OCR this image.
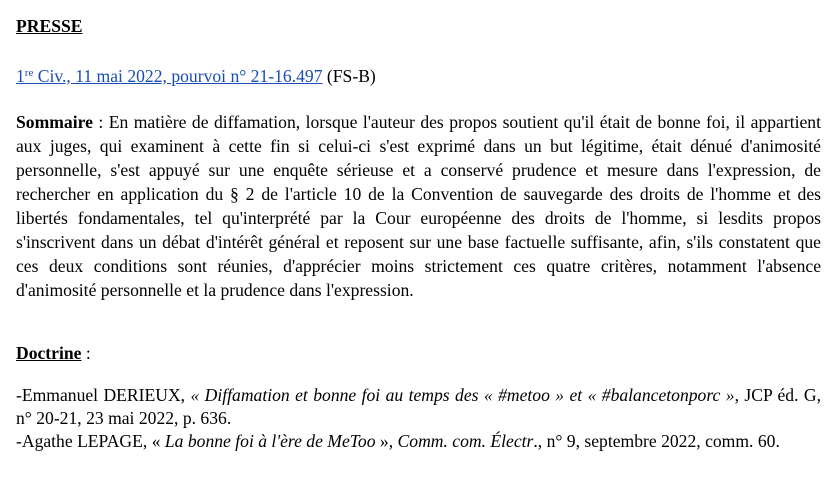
PRESSE
1re Civ., 11 mai 2022, pourvoi n° 21-16.497 (FS-B)

Sommaire : En matière de diffamation, lorsque l'auteur des propos soutient qu'il était de bonne foi, il appartient aux juges, qui examinent à cette fin si celui-ci s'est exprimé dans un but légitime, était dénué d'animosité personnelle, s'est appuyé sur une enquête sérieuse et a conservé prudence et mesure dans l'expression, de rechercher en application du § 2 de l'article 10 de la Convention de sauvegarde des droits de l'homme et des libertés fondamentales, tel qu'interprété par la Cour européenne des droits de l'homme, si lesdits propos s'inscrivent dans un débat d'intérêt général et reposent sur une base factuelle suffisante, afin, s'ils constatent que ces deux conditions sont réunies, d'apprécier moins strictement ces quatre critères, notamment l'absence d'animosité personnelle et la prudence dans l'expression.

Doctrine :

-Emmanuel DERIEUX, « Diffamation et bonne foi au temps des « #metoo » et « #balancetonporc », JCP éd. G, n° 20-21, 23 mai 2022, p. 636.

-Agathe LEPAGE, « La bonne foi à l'ère de MeToo », Comm. com. Électr., n° 9, septembre 2022, comm. 60.
